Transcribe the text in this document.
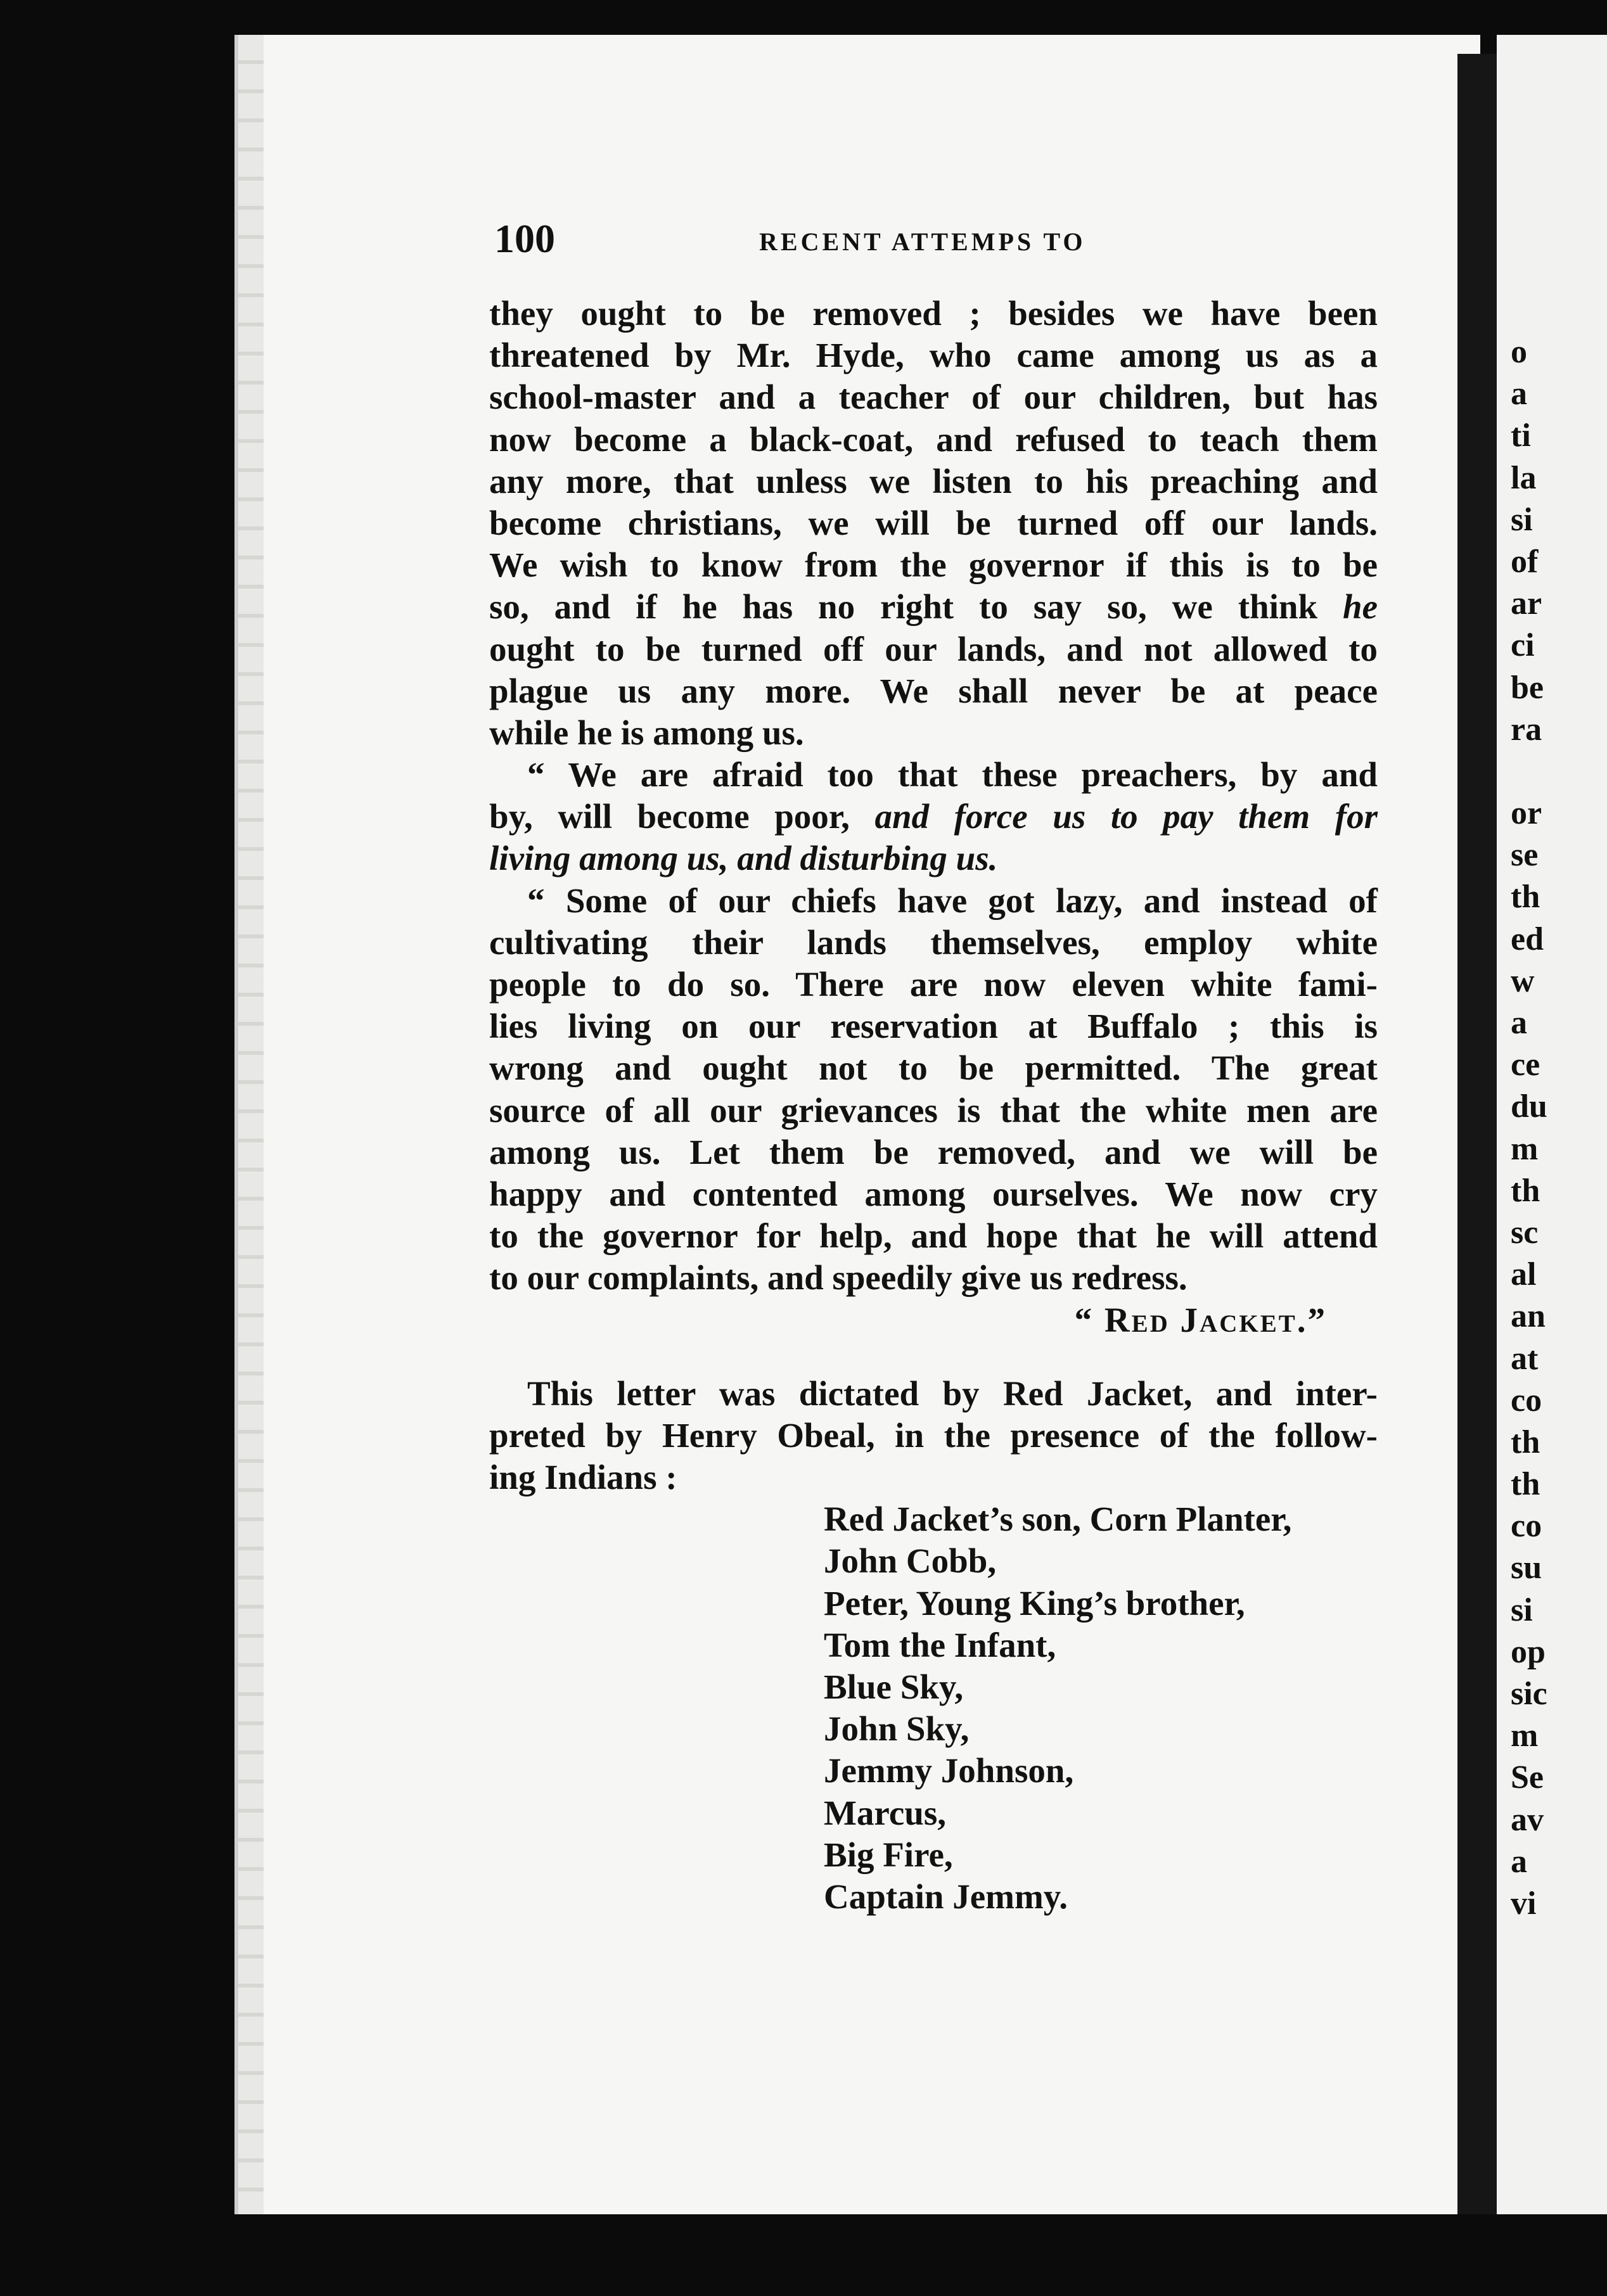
o
a
ti
la
si
of
ar
ci
be
ra
or
se
th
ed
w
a
ce
du
m
th
sc
al
an
at
co
th
th
co
su
si
op
sic
m
Se
av
a
vi
100	RECENT ATTEMPS TO
they ought to be removed ; besides we have been
threatened by Mr. Hyde, who came among us as a
school-master and a teacher of our children, but has
now become a black-coat, and refused to teach them
any more, that unless we listen to his preaching and
become christians, we will be turned off our lands.
We wish to know from the governor if this is to be
so, and if he has no right to say so, we think he
ought to be turned off our lands, and not allowed to
plague us any more. We shall never be at peace
while he is among us.
“ We are afraid too that these preachers, by and
by, will become poor, and force us to pay them for
living among us, and disturbing us.
“ Some of our chiefs have got lazy, and instead of
cultivating their lands themselves, employ white
people to do so. There are now eleven white fami-
lies living on our reservation at Buffalo ; this is
wrong and ought not to be permitted. The great
source of all our grievances is that the white men are
among us. Let them be removed, and we will be
happy and contented among ourselves. We now cry
to the governor for help, and hope that he will attend
to our complaints, and speedily give us redress.
“ Red Jacket.”
This letter was dictated by Red Jacket, and inter-
preted by Henry Obeal, in the presence of the follow-
ing Indians :
Red Jacket’s son, Corn Planter,
John Cobb,
Peter, Young King’s brother,
Tom the Infant,
Blue Sky,
John Sky,
Jemmy Johnson,
Marcus,
Big Fire,
Captain Jemmy.
